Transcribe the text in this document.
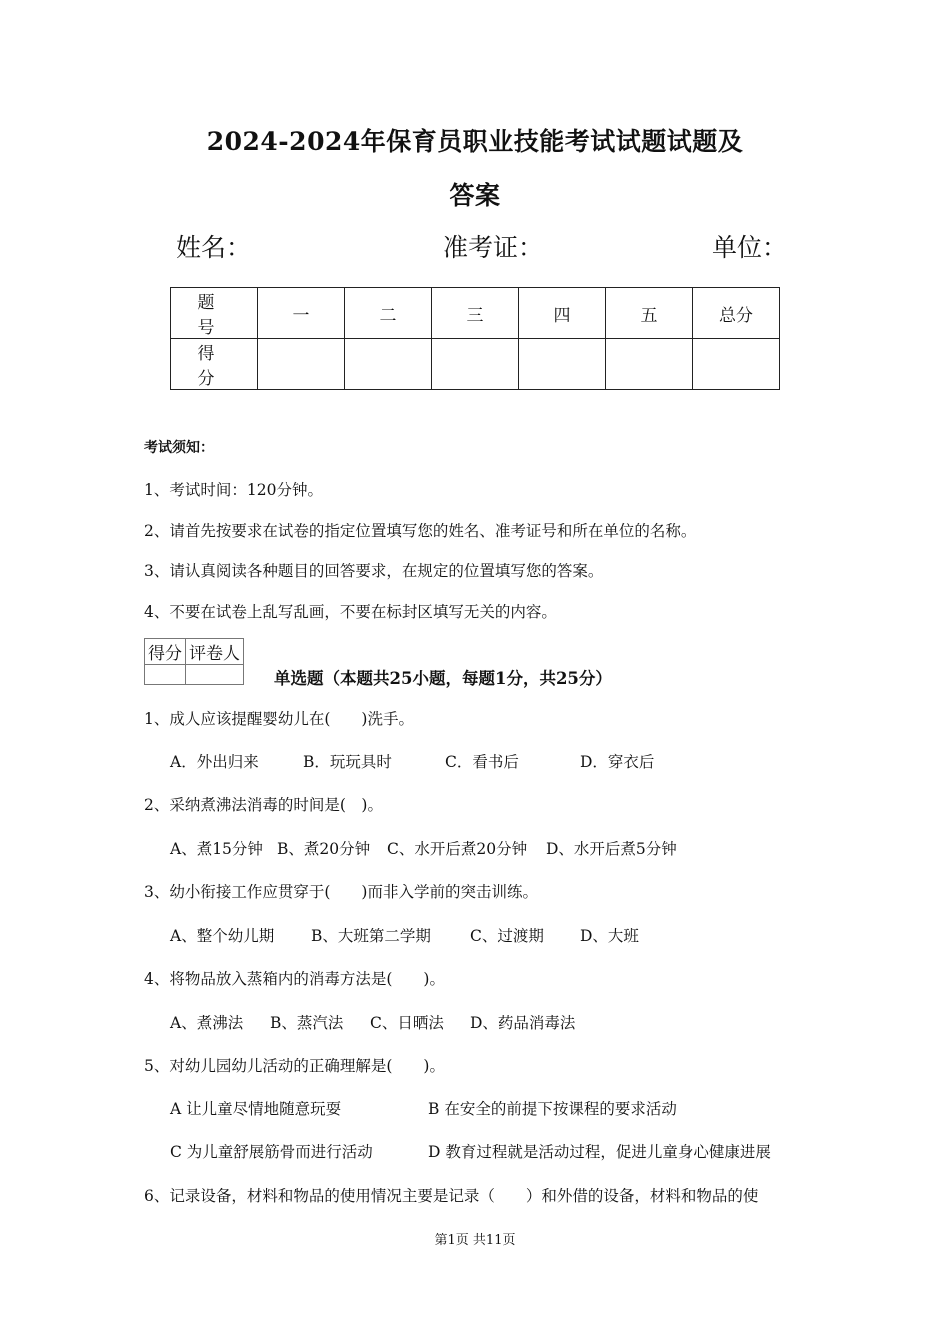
2024-2024年保育员职业技能考试试题试题及
答案
姓名：	准考证：	单位：
题 号	一	二	三	四	五	总分
得 分						
考试须知：
1、考试时间：120分钟。
2、请首先按要求在试卷的指定位置填写您的姓名、准考证号和所在单位的名称。
3、请认真阅读各种题目的回答要求，在规定的位置填写您的答案。
4、不要在试卷上乱写乱画，不要在标封区填写无关的内容。
得分	评卷人

单选题（本题共25小题，每题1分，共25分）
1、成人应该提醒婴幼儿在(　　)洗手。
A．外出归来	B．玩玩具时	C．看书后	D．穿衣后
2、采纳煮沸法消毒的时间是(　)。
A、煮15分钟 B、煮20分钟 C、水开后煮20分钟 D、水开后煮5分钟
3、幼小衔接工作应贯穿于(　　)而非入学前的突击训练。
A、整个幼儿期 B、大班第二学期	C、过渡期 D、大班
4、将物品放入蒸箱内的消毒方法是(　　)。
A、煮沸法 B、蒸汽法 C、日晒法 D、药品消毒法
5、对幼儿园幼儿活动的正确理解是(　　)。
A 让儿童尽情地随意玩耍	B 在安全的前提下按课程的要求活动
C 为儿童舒展筋骨而进行活动	D 教育过程就是活动过程，促进儿童身心健康进展
6、记录设备，材料和物品的使用情况主要是记录（　　）和外借的设备，材料和物品的使
第1页 共11页
